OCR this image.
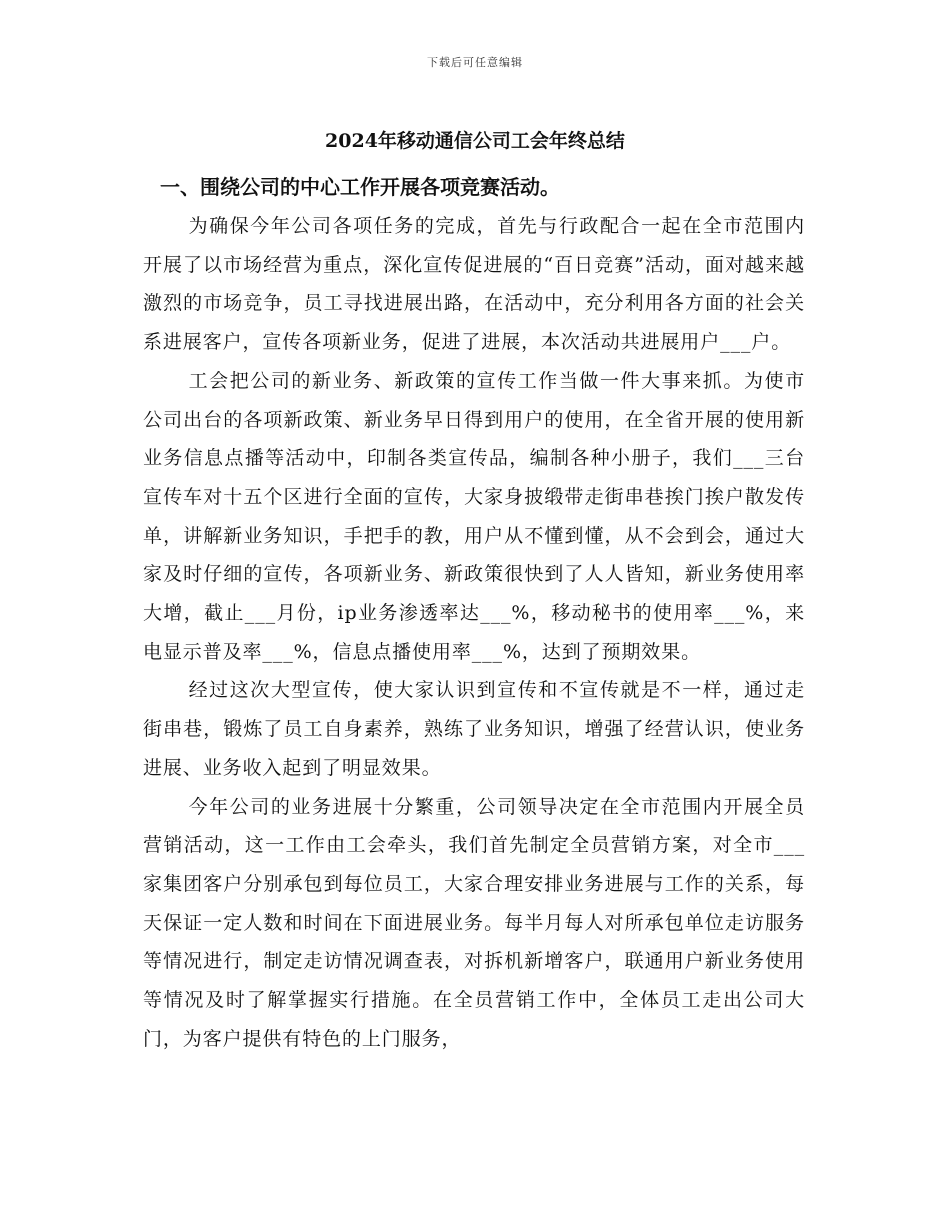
下载后可任意编辑
2024年移动通信公司工会年终总结
一、围绕公司的中心工作开展各项竞赛活动。

为确保今年公司各项任务的完成，首先与行政配合一起在全市范围内开展了以市场经营为重点，深化宣传促进展的“百日竞赛”活动，面对越来越激烈的市场竞争，员工寻找进展出路，在活动中，充分利用各方面的社会关系进展客户，宣传各项新业务，促进了进展，本次活动共进展用户___户。

工会把公司的新业务、新政策的宣传工作当做一件大事来抓。为使市公司出台的各项新政策、新业务早日得到用户的使用，在全省开展的使用新业务信息点播等活动中，印制各类宣传品，编制各种小册子，我们___三台宣传车对十五个区进行全面的宣传，大家身披缎带走街串巷挨门挨户散发传单，讲解新业务知识，手把手的教，用户从不懂到懂，从不会到会，通过大家及时仔细的宣传，各项新业务、新政策很快到了人人皆知，新业务使用率大增，截止___月份，ip业务渗透率达___%，移动秘书的使用率___%，来电显示普及率___%，信息点播使用率___%，达到了预期效果。

经过这次大型宣传，使大家认识到宣传和不宣传就是不一样，通过走街串巷，锻炼了员工自身素养，熟练了业务知识，增强了经营认识，使业务进展、业务收入起到了明显效果。

今年公司的业务进展十分繁重，公司领导决定在全市范围内开展全员营销活动，这一工作由工会牵头，我们首先制定全员营销方案，对全市___家集团客户分别承包到每位员工，大家合理安排业务进展与工作的关系，每天保证一定人数和时间在下面进展业务。每半月每人对所承包单位走访服务等情况进行，制定走访情况调查表，对拆机新增客户，联通用户新业务使用等情况及时了解掌握实行措施。在全员营销工作中，全体员工走出公司大门，为客户提供有特色的上门服务，
